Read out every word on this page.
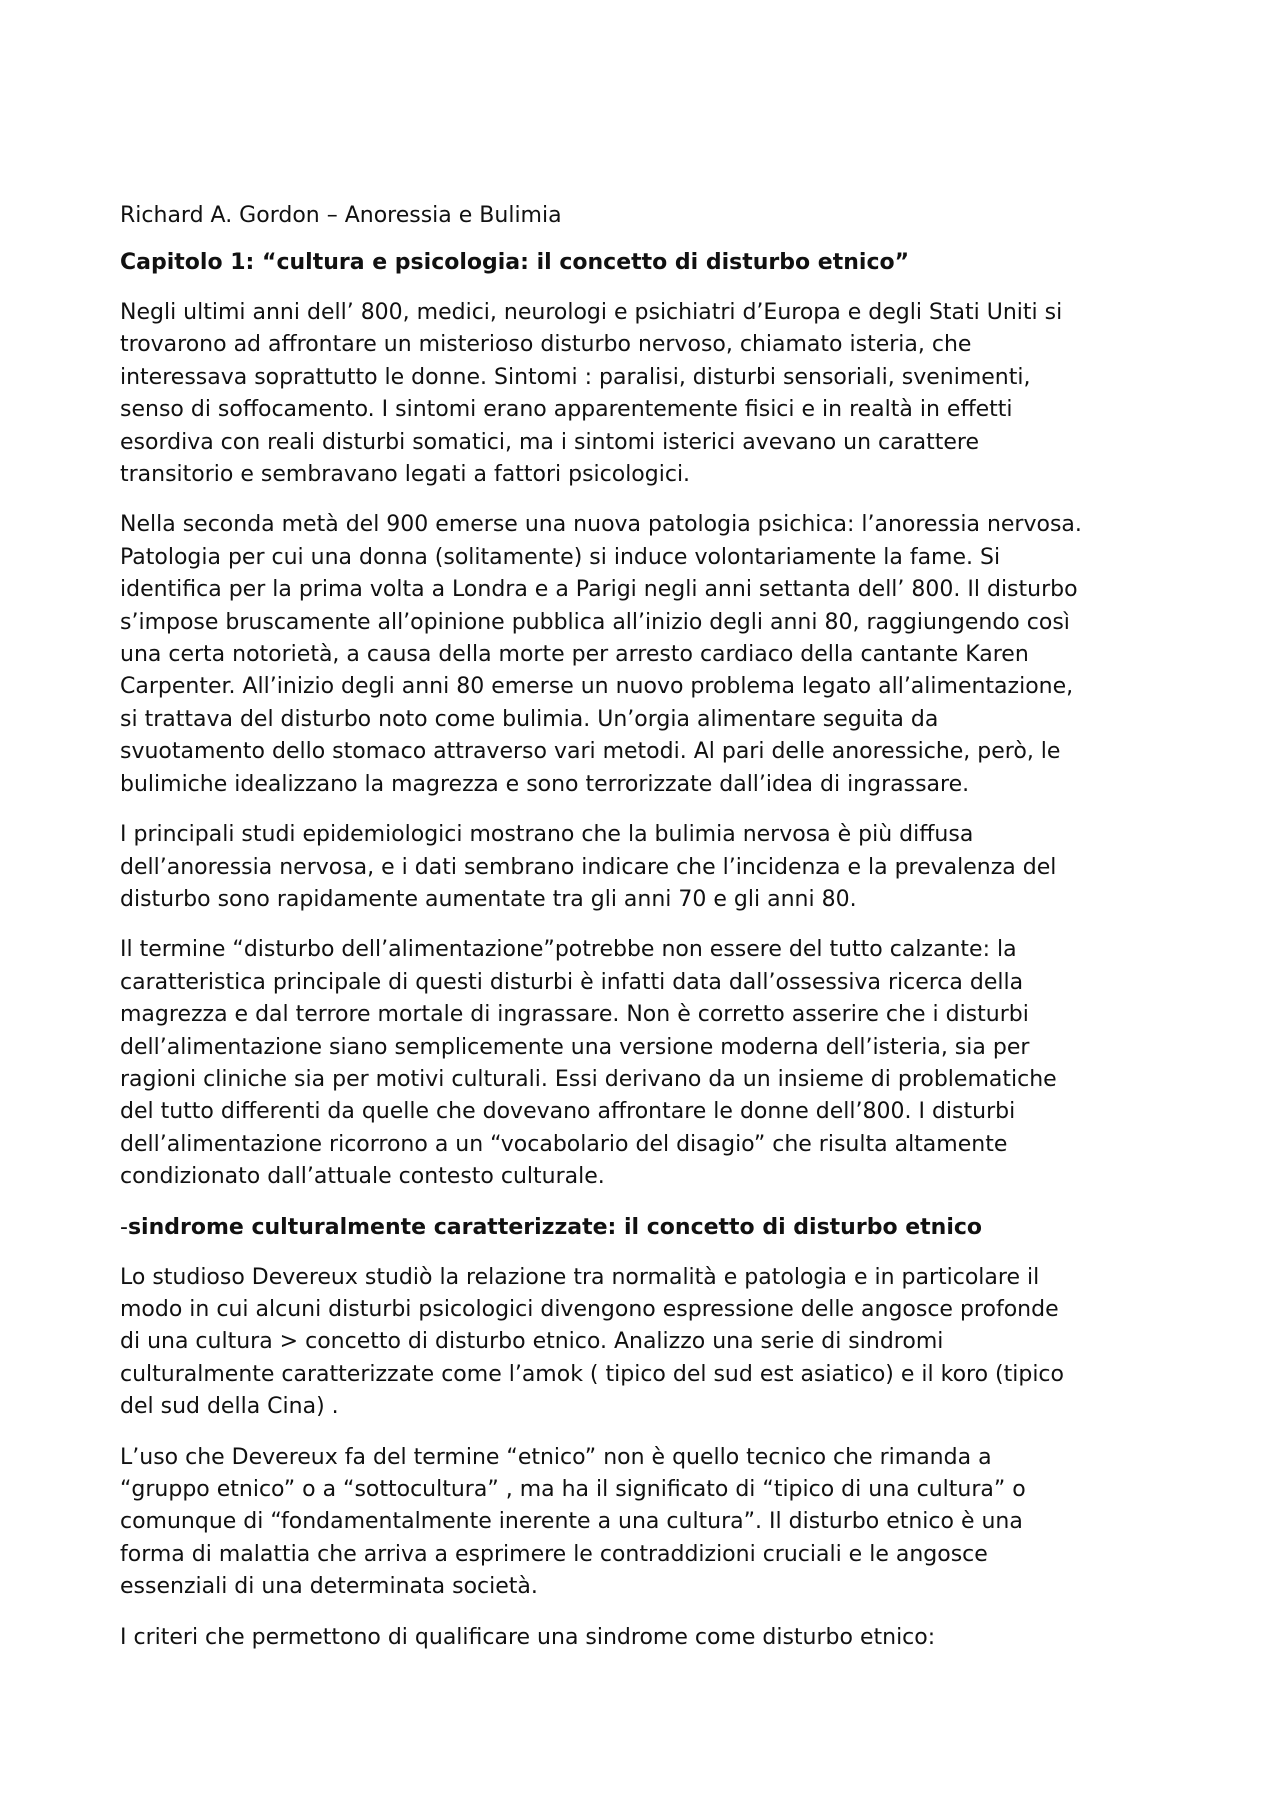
Richard A. Gordon – Anoressia e Bulimia
Capitolo 1: “cultura e psicologia: il concetto di disturbo etnico”
Negli ultimi anni dell’ 800, medici, neurologi e psichiatri d’Europa e degli Stati Uniti si
trovarono ad affrontare un misterioso disturbo nervoso, chiamato isteria, che
interessava soprattutto le donne. Sintomi : paralisi, disturbi sensoriali, svenimenti,
senso di soffocamento. I sintomi erano apparentemente fisici e in realtà in effetti
esordiva con reali disturbi somatici, ma i sintomi isterici avevano un carattere
transitorio e sembravano legati a fattori psicologici.
Nella seconda metà del 900 emerse una nuova patologia psichica: l’anoressia nervosa.
Patologia per cui una donna (solitamente) si induce volontariamente la fame. Si
identifica per la prima volta a Londra e a Parigi negli anni settanta dell’ 800. Il disturbo
s’impose bruscamente all’opinione pubblica all’inizio degli anni 80, raggiungendo così
una certa notorietà, a causa della morte per arresto cardiaco della cantante Karen
Carpenter. All’inizio degli anni 80 emerse un nuovo problema legato all’alimentazione,
si trattava del disturbo noto come bulimia. Un’orgia alimentare seguita da
svuotamento dello stomaco attraverso vari metodi. Al pari delle anoressiche, però, le
bulimiche idealizzano la magrezza e sono terrorizzate dall’idea di ingrassare.
I principali studi epidemiologici mostrano che la bulimia nervosa è più diffusa
dell’anoressia nervosa, e i dati sembrano indicare che l’incidenza e la prevalenza del
disturbo sono rapidamente aumentate tra gli anni 70 e gli anni 80.
Il termine “disturbo dell’alimentazione”potrebbe non essere del tutto calzante: la
caratteristica principale di questi disturbi è infatti data dall’ossessiva ricerca della
magrezza e dal terrore mortale di ingrassare. Non è corretto asserire che i disturbi
dell’alimentazione siano semplicemente una versione moderna dell’isteria, sia per
ragioni cliniche sia per motivi culturali. Essi derivano da un insieme di problematiche
del tutto differenti da quelle che dovevano affrontare le donne dell’800. I disturbi
dell’alimentazione ricorrono a un “vocabolario del disagio” che risulta altamente
condizionato dall’attuale contesto culturale.
-sindrome culturalmente caratterizzate: il concetto di disturbo etnico
Lo studioso Devereux studiò la relazione tra normalità e patologia e in particolare il
modo in cui alcuni disturbi psicologici divengono espressione delle angosce profonde
di una cultura > concetto di disturbo etnico. Analizzo una serie di sindromi
culturalmente caratterizzate come l’amok ( tipico del sud est asiatico) e il koro (tipico
del sud della Cina) .
L’uso che Devereux fa del termine “etnico” non è quello tecnico che rimanda a
“gruppo etnico” o a “sottocultura” , ma ha il significato di “tipico di una cultura” o
comunque di “fondamentalmente inerente a una cultura”. Il disturbo etnico è una
forma di malattia che arriva a esprimere le contraddizioni cruciali e le angosce
essenziali di una determinata società.
I criteri che permettono di qualificare una sindrome come disturbo etnico:
